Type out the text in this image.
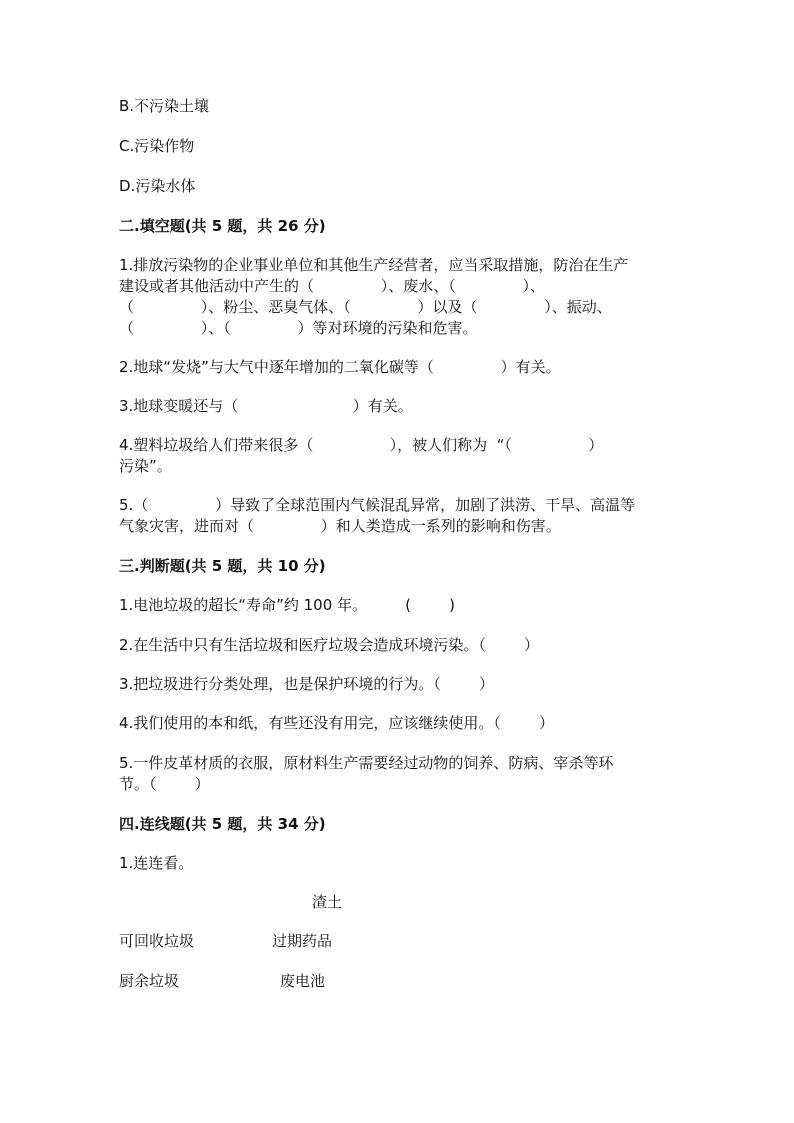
B.不污染土壤
C.污染作物
D.污染水体
二.填空题(共 5 题，共 26 分)
1.排放污染物的企业事业单位和其他生产经营者，应当采取措施，防治在生产
建设或者其他活动中产生的（              ）、废水、（              ）、
（              ）、粉尘、恶臭气体、（              ）以及（              ）、振动、
（              ）、（              ）等对环境的污染和危害。
2.地球“发烧”与大气中逐年增加的二氧化碳等（              ）有关。
3.地球变暖还与（                        ）有关。
4.塑料垃圾给人们带来很多（                ），被人们称为  “（                ）
污染”。
5.（              ）导致了全球范围内气候混乱异常，加剧了洪涝、干旱、高温等
气象灾害，进而对（              ）和人类造成一系列的影响和伤害。
三.判断题(共 5 题，共 10 分)
1.电池垃圾的超长“寿命”约 100 年。        (        )
2.在生活中只有生活垃圾和医疗垃圾会造成环境污染。（        ）
3.把垃圾进行分类处理，也是保护环境的行为。（        ）
4.我们使用的本和纸，有些还没有用完，应该继续使用。（        ）
5.一件皮革材质的衣服，原材料生产需要经过动物的饲养、防病、宰杀等环
节。（        ）
四.连线题(共 5 题，共 34 分)
1.连连看。
渣土
可回收垃圾	过期药品
厨余垃圾	废电池
